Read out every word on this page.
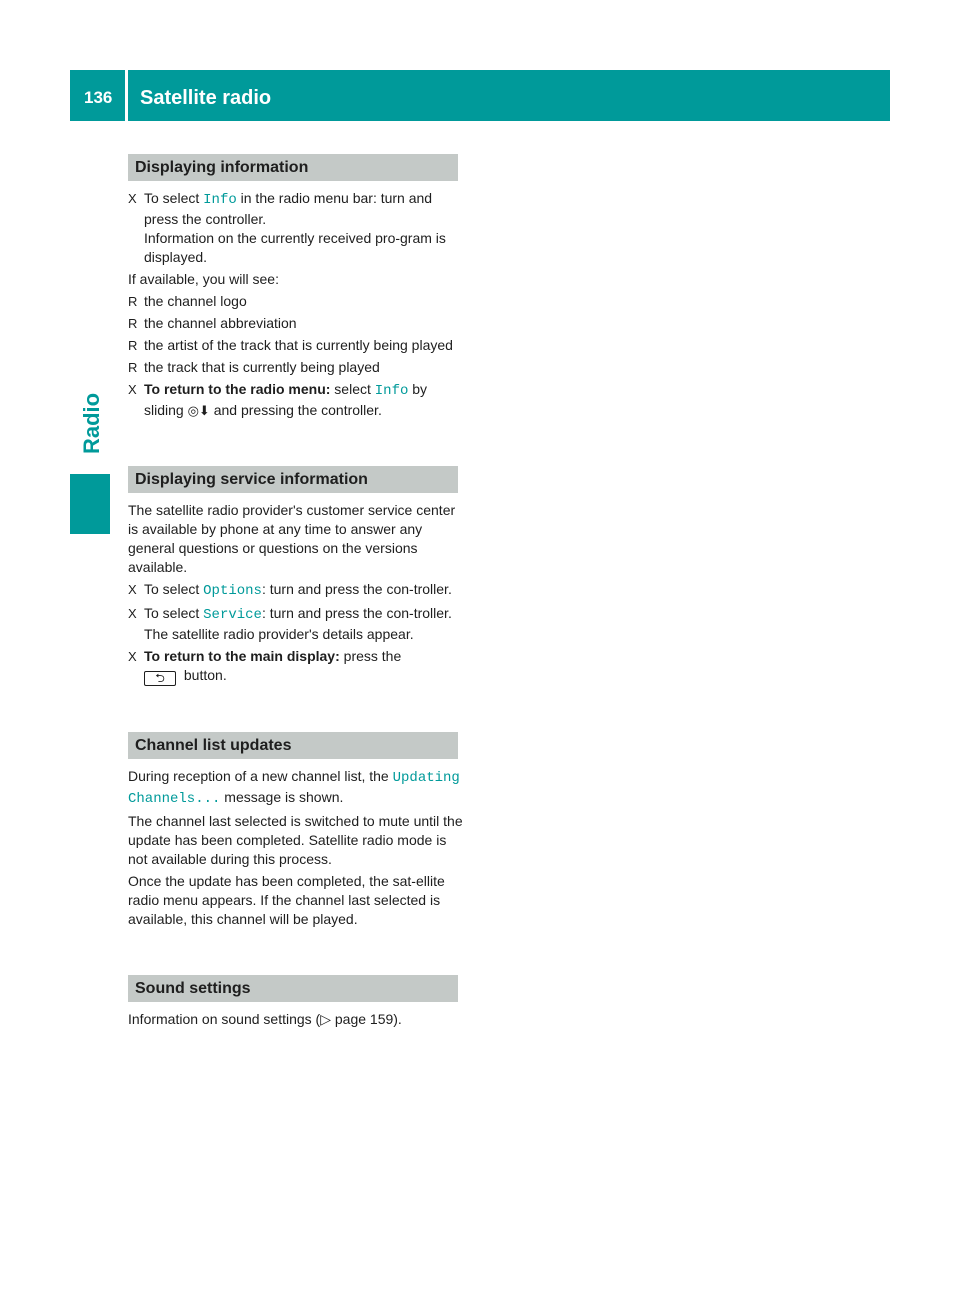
136 Satellite radio
Radio
Displaying information
X To select Info in the radio menu bar: turn and press the controller.
Information on the currently received pro-gram is displayed.
If available, you will see:
R the channel logo
R the channel abbreviation
R the artist of the track that is currently being played
R the track that is currently being played
X To return to the radio menu: select Info by sliding ◎⬇ and pressing the controller.
Displaying service information
The satellite radio provider's customer service center is available by phone at any time to answer any general questions or questions on the versions available.
X To select Options: turn and press the con-troller.
X To select Service: turn and press the con-troller.
The satellite radio provider's details appear.
X To return to the main display: press the
⮌ button.
Channel list updates
During reception of a new channel list, the Updating Channels... message is shown.
The channel last selected is switched to mute until the update has been completed. Satellite radio mode is not available during this process.
Once the update has been completed, the sat-ellite radio menu appears. If the channel last selected is available, this channel will be played.
Sound settings
Information on sound settings (▷ page 159).
